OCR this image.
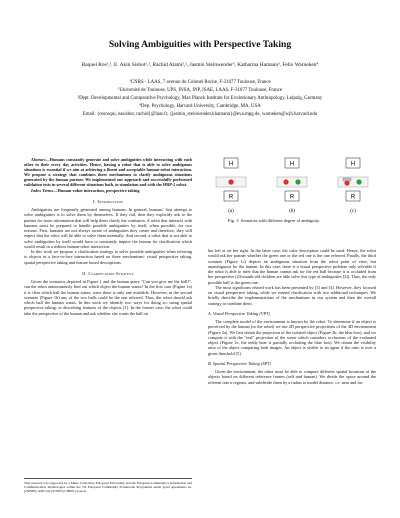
Solving Ambiguities with Perspective Taking
Raquel Ros¹,², E. Akin Sisbot¹,², Rachid Alami¹,², Jasmin Steinwender³, Katharina Hamann³, Felix Warneken⁴
¹CNRS - LAAS, 7 avenue du Colonel Roche, F-31077 Toulouse, France
²Université de Toulouse, UPS, INSA, INP, ISAE, LAAS, F-31077 Toulouse, France
³Dept. Developmental and Comparative Psychology, Max Planck Institute for Evolutionary Anthropology, Leipzig, Germany
⁴Dep. Psychology, Harvard University, Cambridge, MA, USA
Email: {rosroqui, easisbot, rachid}@laas.fr, {jasmin_steinwender,khamann}@eva.mpg.de, warneken@wjh.harvard.edu

Abstract—Humans constantly generate and solve ambiguities while interacting with each other in their every day activities. Hence, having a robot that is able to solve ambiguous situations is essential if we aim at achieving a fluent and acceptable human-robot interaction. We propose a strategy that combines three mechanisms to clarify ambiguous situations generated by the human partner. We implemented our approach and successfully performed validation tests in several different situations both, in simulation and with the HRP-2 robot.

Index Terms—Human-robot interaction, perspective taking

I. Introduction

Ambiguities are frequently generated among humans. In general, humans' first attempt to solve ambiguities is to solve them by themselves. If they fail, then they explicitly ask to the partner for more information that will help them clarify the confusion. A robot that interacts with humans must be prepared to handle possible ambiguities by itself, when possible, for two reasons. First, humans are not always aware of ambiguities they create and therefore, they will expect that the robot will be able to solve them internally. And second, a robot that is not able to solve ambiguities by itself would have to constantly inquire the human for clarification which would result in a tedious human-robot interaction.

In this work we propose a clarification strategy to solve possible ambiguities when referring to objects in a face-to-face interaction based on three mechanisms: visual perspective taking, spatial perspective taking and feature based descriptions.

II. Clarification Strategy

Given the scenarios depicted in Figure 1 and the human query "Can you give me the ball?", can the robot autonomously find out which object the human wants? In the first case (Figure 1a) it is clear which ball the human wants, since there is only one available. However, in the second scenario (Figure 1b) any of the two balls could be the one referred. Thus, the robot should ask which ball the human wants. In this work we identify two ways for doing so: using spatial perspective taking, or describing features of the objects [1]. In the former case, the robot could take the perspective of the human and ask whether she wants the ball on

This research was supported by a Marie Curie Intra European Fellowship and the European Community's Information and Communication Technologies within the 7th European Community Framework Programme under grant agreements no. [250985], AMI and [215805] CHRIS projects.
H
R
(a)
H
R
(b)
H
R
(c)
Fig. 1: Scenarios with different degree of ambiguity.

her left or on her right. In the latter case, the color description could be used. Hence, the robot would ask her partner whether the green one or the red one is the one referred. Finally, the third scenario (Figure 1c) depicts an ambiguous situation from the robot point of view, but unambiguous for the human. In this case, there is a visual perspective problem only solvable if the robot is able to infer that the human cannot ask for the red ball because it is occluded from her perspective (24-month-old children are able solve this type of ambiguities [2]). Thus, the only possible ball is the green one.

The most significant related work has been presented by [3] and [4]. However, they focused on visual perspective taking, while we extend clarification with two additional techniques. We briefly describe the implementations of the mechanisms in our system and then the overall strategy to combine them.

A. Visual Perspective Taking (VPT)

The complete model of the environment is known by the robot. To determine if an object is perceived by the human (or the robot) we use 2D perspective projections of the 3D environment (Figure 2a). We first obtain the projection of the isolated object (Figure 2b, the blue box), and we compute it with the "real" projection of the scene which considers occlusions of the evaluated object (Figure 2c, the teddy bear is partially occluding the blue box). We obtain the visibility ratio of the object comparing both images. An object is visible to an agent if the ratio is over a given threshold [5].

B. Spatial Perspective Taking (SPT)

Given the environment, the robot must be able to compute different spatial locations of the objects based on different reference frames (self and human). We divide the space around the referent into n regions, and subdivide them by a radius to model distance, i.e. near and far.
